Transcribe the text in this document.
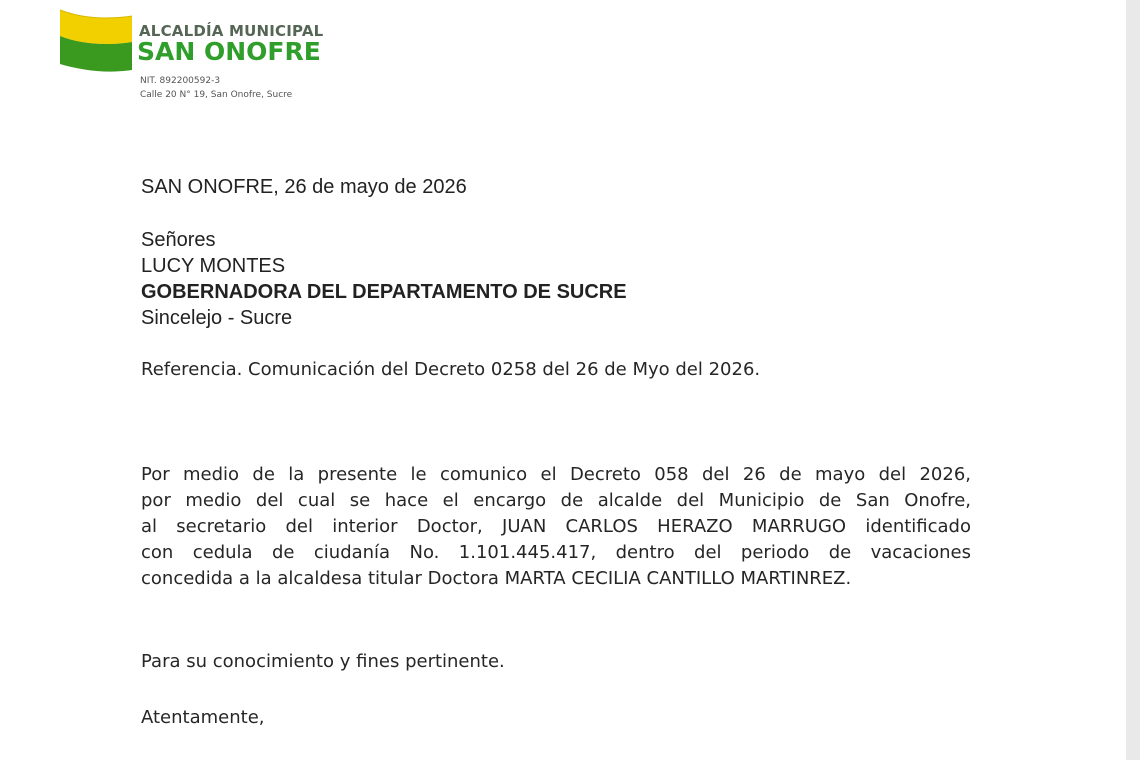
ALCALDÍA MUNICIPAL
SAN ONOFRE
NIT. 892200592-3
Calle 20 N° 19, San Onofre, Sucre
SAN ONOFRE, 26 de mayo de 2026
Señores
LUCY MONTES
GOBERNADORA DEL DEPARTAMENTO DE SUCRE
Sincelejo - Sucre
Referencia. Comunicación del Decreto 0258 del 26 de Myo del 2026.
Por medio de la presente le comunico el Decreto 058 del 26 de mayo del 2026,
por medio del cual se hace el encargo de alcalde del Municipio de San Onofre,
al secretario del interior Doctor, JUAN CARLOS HERAZO MARRUGO identificado
con cedula de ciudanía No. 1.101.445.417, dentro del periodo de vacaciones
concedida a la alcaldesa titular Doctora MARTA CECILIA CANTILLO MARTINREZ.
Para su conocimiento y fines pertinente.
Atentamente,
